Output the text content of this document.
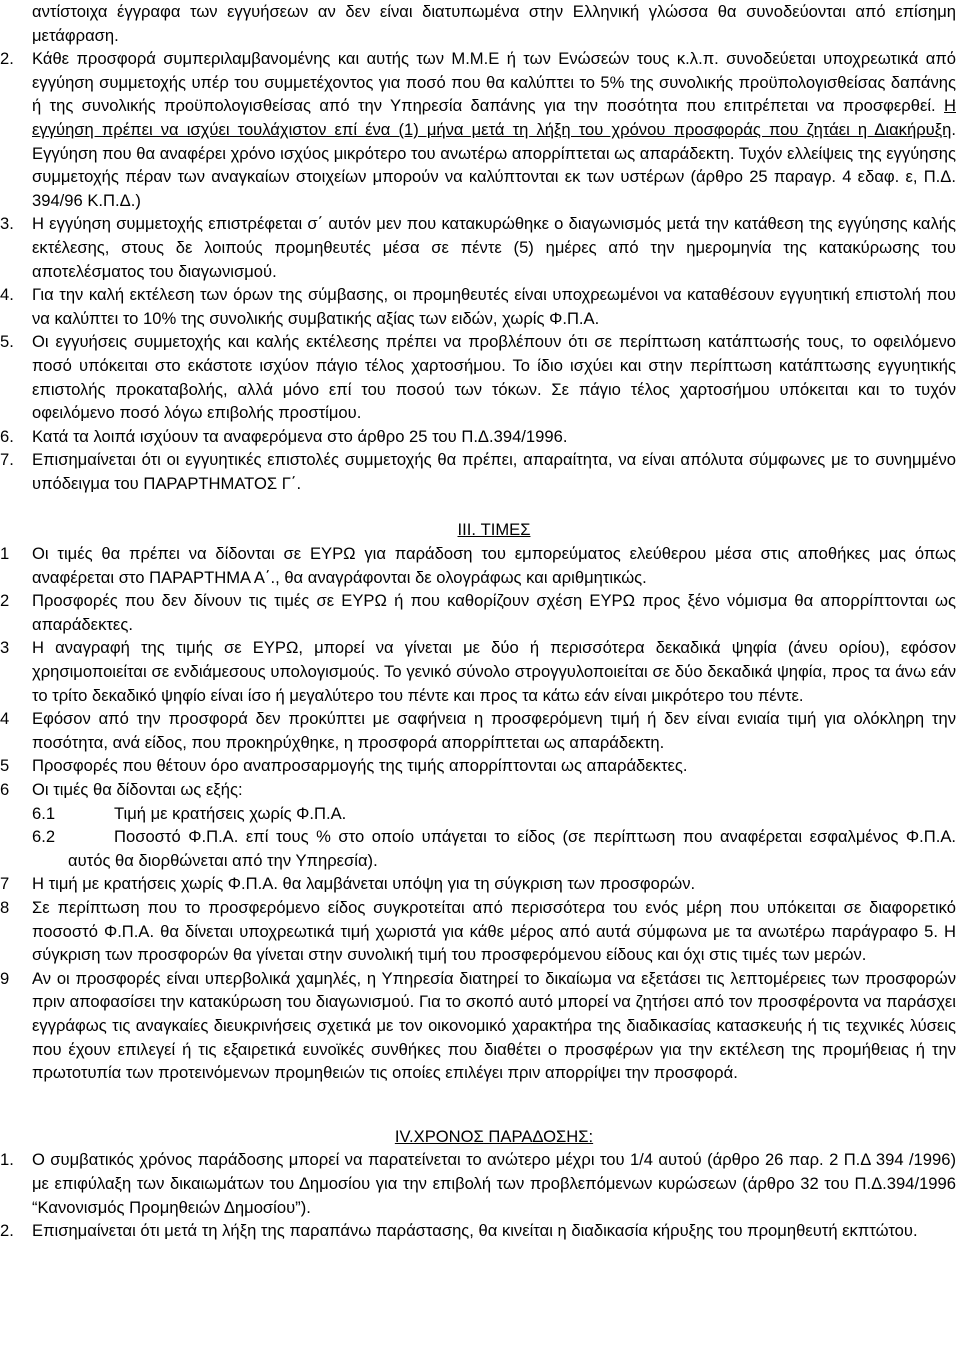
αντίστοιχα έγγραφα των εγγυήσεων αν δεν είναι διατυπωμένα στην Ελληνική γλώσσα θα συνοδεύονται από επίσημη μετάφραση.
2. Κάθε προσφορά συμπεριλαμβανομένης και αυτής των Μ.Μ.Ε ή των Ενώσεών τους κ.λ.π. συνοδεύεται υποχρεωτικά από εγγύηση συμμετοχής υπέρ του συμμετέχοντος για ποσό που θα καλύπτει το 5% της συνολικής προϋπολογισθείσας δαπάνης ή της συνολικής προϋπολογισθείσας από την Υπηρεσία δαπάνης για την ποσότητα που επιτρέπεται να προσφερθεί. Η εγγύηση πρέπει να ισχύει τουλάχιστον επί ένα (1) μήνα μετά τη λήξη του χρόνου προσφοράς που ζητάει η Διακήρυξη. Εγγύηση που θα αναφέρει χρόνο ισχύος μικρότερο του ανωτέρω απορρίπτεται ως απαράδεκτη. Τυχόν ελλείψεις της εγγύησης συμμετοχής πέραν των αναγκαίων στοιχείων μπορούν να καλύπτονται εκ των υστέρων (άρθρο 25 παραγρ. 4 εδαφ. ε, Π.Δ. 394/96 Κ.Π.Δ.)
3. Η εγγύηση συμμετοχής επιστρέφεται σ΄ αυτόν μεν που κατακυρώθηκε ο διαγωνισμός μετά την κατάθεση της εγγύησης καλής εκτέλεσης, στους δε λοιπούς προμηθευτές μέσα σε πέντε (5) ημέρες από την ημερομηνία της κατακύρωσης του αποτελέσματος του διαγωνισμού.
4. Για την καλή εκτέλεση των όρων της σύμβασης, οι προμηθευτές είναι υποχρεωμένοι να καταθέσουν εγγυητική επιστολή που να καλύπτει το 10% της συνολικής συμβατικής αξίας των ειδών, χωρίς Φ.Π.Α.
5. Οι εγγυήσεις συμμετοχής και καλής εκτέλεσης πρέπει να προβλέπουν ότι σε περίπτωση κατάπτωσής τους, το οφειλόμενο ποσό υπόκειται στο εκάστοτε ισχύον πάγιο τέλος χαρτοσήμου. Το ίδιο ισχύει και στην περίπτωση κατάπτωσης εγγυητικής επιστολής προκαταβολής, αλλά μόνο επί του ποσού των τόκων. Σε πάγιο τέλος χαρτοσήμου υπόκειται και το τυχόν οφειλόμενο ποσό λόγω επιβολής προστίμου.
6. Κατά τα λοιπά ισχύουν τα αναφερόμενα στο άρθρο 25 του Π.Δ.394/1996.
7. Επισημαίνεται ότι οι εγγυητικές επιστολές συμμετοχής θα πρέπει, απαραίτητα, να είναι απόλυτα σύμφωνες με το συνημμένο υπόδειγμα του ΠΑΡΑΡΤΗΜΑΤΟΣ Γ΄.
III. ΤΙΜΕΣ
1 Οι τιμές θα πρέπει να δίδονται σε ΕΥΡΩ για παράδοση του εμπορεύματος ελεύθερου μέσα στις αποθήκες μας όπως αναφέρεται στο ΠΑΡΑΡΤΗΜΑ Α΄., θα αναγράφονται δε ολογράφως και αριθμητικώς.
2 Προσφορές που δεν δίνουν τις τιμές σε ΕΥΡΩ ή που καθορίζουν σχέση ΕΥΡΩ προς ξένο νόμισμα θα απορρίπτονται ως απαράδεκτες.
3 Η αναγραφή της τιμής σε ΕΥΡΩ, μπορεί να γίνεται με δύο ή περισσότερα δεκαδικά ψηφία (άνευ ορίου), εφόσον χρησιμοποιείται σε ενδιάμεσους υπολογισμούς. Το γενικό σύνολο στρογγυλοποιείται σε δύο δεκαδικά ψηφία, προς τα άνω εάν το τρίτο δεκαδικό ψηφίο είναι ίσο ή μεγαλύτερο του πέντε και προς τα κάτω εάν είναι μικρότερο του πέντε.
4 Εφόσον από την προσφορά δεν προκύπτει με σαφήνεια η προσφερόμενη τιμή ή δεν είναι ενιαία τιμή για ολόκληρη την ποσότητα, ανά είδος, που προκηρύχθηκε, η προσφορά απορρίπτεται ως απαράδεκτη.
5 Προσφορές που θέτουν όρο αναπροσαρμογής της τιμής απορρίπτονται ως απαράδεκτες.
6 Οι τιμές θα δίδονται ως εξής:
6.1	Τιμή με κρατήσεις χωρίς Φ.Π.Α.
6.2	Ποσοστό Φ.Π.Α. επί τους % στο οποίο υπάγεται το είδος (σε περίπτωση που αναφέρεται εσφαλμένος Φ.Π.Α. αυτός θα διορθώνεται από την Υπηρεσία).
7 Η τιμή με κρατήσεις χωρίς Φ.Π.Α. θα λαμβάνεται υπόψη για τη σύγκριση των προσφορών.
8 Σε περίπτωση που το προσφερόμενο είδος συγκροτείται από περισσότερα του ενός μέρη που υπόκειται σε διαφορετικό ποσοστό Φ.Π.Α. θα δίνεται υποχρεωτικά τιμή χωριστά για κάθε μέρος από αυτά σύμφωνα με τα ανωτέρω παράγραφο 5. Η σύγκριση των προσφορών θα γίνεται στην συνολική τιμή του προσφερόμενου είδους και όχι στις τιμές των μερών.
9 Αν οι προσφορές είναι υπερβολικά χαμηλές, η Υπηρεσία διατηρεί το δικαίωμα να εξετάσει τις λεπτομέρειες των προσφορών πριν αποφασίσει την κατακύρωση του διαγωνισμού. Για το σκοπό αυτό μπορεί να ζητήσει από τον προσφέροντα να παράσχει εγγράφως τις αναγκαίες διευκρινήσεις σχετικά με τον οικονομικό χαρακτήρα της διαδικασίας κατασκευής ή τις τεχνικές λύσεις που έχουν επιλεγεί ή τις εξαιρετικά ευνοϊκές συνθήκες που διαθέτει ο προσφέρων για την εκτέλεση της προμήθειας ή την πρωτοτυπία των προτεινόμενων προμηθειών τις οποίες επιλέγει πριν απορρίψει την προσφορά.
IV.ΧΡΟΝΟΣ ΠΑΡΑΔΟΣΗΣ:
1. Ο συμβατικός χρόνος παράδοσης μπορεί να παρατείνεται το ανώτερο μέχρι του 1/4 αυτού (άρθρο 26 παρ. 2 Π.Δ 394 /1996) με επιφύλαξη των δικαιωμάτων του Δημοσίου για την επιβολή των προβλεπόμενων κυρώσεων (άρθρο 32 του Π.Δ.394/1996 “Κανονισμός Προμηθειών Δημοσίου”).
2. Επισημαίνεται ότι μετά τη λήξη της παραπάνω παράστασης, θα κινείται η διαδικασία κήρυξης του προμηθευτή εκπτώτου.
